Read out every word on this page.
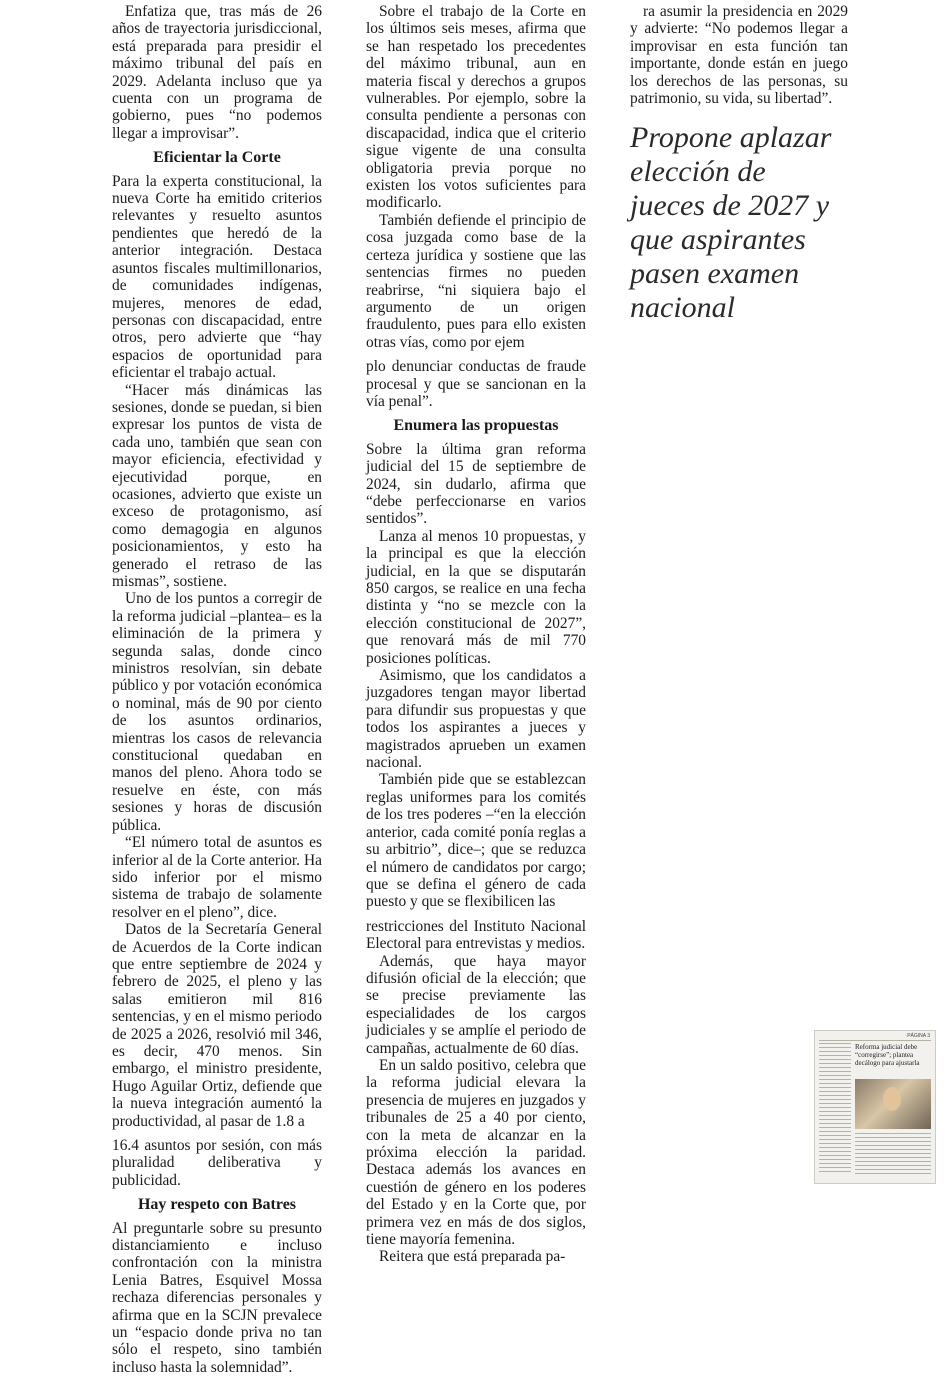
Enfatiza que, tras más de 26 años de trayectoria jurisdiccional, está preparada para presidir el máximo tribunal del país en 2029. Adelanta incluso que ya cuenta con un programa de gobierno, pues “no podemos llegar a improvisar”.

Eficientar la Corte

Para la experta constitucional, la nueva Corte ha emitido criterios relevantes y resuelto asuntos pendientes que heredó de la anterior integración. Destaca asuntos fiscales multimillonarios, de comunidades indígenas, mujeres, menores de edad, personas con discapacidad, entre otros, pero advierte que “hay espacios de oportunidad para eficientar el trabajo actual.

“Hacer más dinámicas las sesiones, donde se puedan, si bien expresar los puntos de vista de cada uno, también que sean con mayor eficiencia, efectividad y ejecutividad porque, en ocasiones, advierto que existe un exceso de protagonismo, así como demagogia en algunos posicionamientos, y esto ha generado el retraso de las mismas”, sostiene.

Uno de los puntos a corregir de la reforma judicial –plantea– es la eliminación de la primera y segunda salas, donde cinco ministros resolvían, sin debate público y por votación económica o nominal, más de 90 por ciento de los asuntos ordinarios, mientras los casos de relevancia constitucional quedaban en manos del pleno. Ahora todo se resuelve en éste, con más sesiones y horas de discusión pública.

“El número total de asuntos es inferior al de la Corte anterior. Ha sido inferior por el mismo sistema de trabajo de solamente resolver en el pleno”, dice.

Datos de la Secretaría General de Acuerdos de la Corte indican que entre septiembre de 2024 y febrero de 2025, el pleno y las salas emitieron mil 816 sentencias, y en el mismo periodo de 2025 a 2026, resolvió mil 346, es decir, 470 menos. Sin embargo, el ministro presidente, Hugo Aguilar Ortiz, defiende que la nueva integración aumentó la productividad, al pasar de 1.8 a

16.4 asuntos por sesión, con más pluralidad deliberativa y publicidad.

Hay respeto con Batres

Al preguntarle sobre su presunto distanciamiento e incluso confrontación con la ministra Lenia Batres, Esquivel Mossa rechaza diferencias personales y afirma que en la SCJN prevalece un “espacio donde priva no tan sólo el respeto, sino también incluso hasta la solemnidad”.

Sobre el trabajo de la Corte en los últimos seis meses, afirma que se han respetado los precedentes del máximo tribunal, aun en materia fiscal y derechos a grupos vulnerables. Por ejemplo, sobre la consulta pendiente a personas con discapacidad, indica que el criterio sigue vigente de una consulta obligatoria previa porque no existen los votos suficientes para modificarlo.

También defiende el principio de cosa juzgada como base de la certeza jurídica y sostiene que las sentencias firmes no pueden reabrirse, “ni siquiera bajo el argumento de un origen fraudulento, pues para ello existen otras vías, como por ejem

plo denunciar conductas de fraude procesal y que se sancionan en la vía penal”.

Enumera las propuestas

Sobre la última gran reforma judicial del 15 de septiembre de 2024, sin dudarlo, afirma que “debe perfeccionarse en varios sentidos”.

Lanza al menos 10 propuestas, y la principal es que la elección judicial, en la que se disputarán 850 cargos, se realice en una fecha distinta y “no se mezcle con la elección constitucional de 2027”, que renovará más de mil 770 posiciones políticas.

Asimismo, que los candidatos a juzgadores tengan mayor libertad para difundir sus propuestas y que todos los aspirantes a jueces y magistrados aprueben un examen nacional.

También pide que se establezcan reglas uniformes para los comités de los tres poderes –“en la elección anterior, cada comité ponía reglas a su arbitrio”, dice–; que se reduzca el número de candidatos por cargo; que se defina el género de cada puesto y que se flexibilicen las

restricciones del Instituto Nacional Electoral para entrevistas y medios.

Además, que haya mayor difusión oficial de la elección; que se precise previamente las especialidades de los cargos judiciales y se amplíe el periodo de campañas, actualmente de 60 días.

En un saldo positivo, celebra que la reforma judicial elevara la presencia de mujeres en juzgados y tribunales de 25 a 40 por ciento, con la meta de alcanzar en la próxima elección la paridad. Destaca además los avances en cuestión de género en los poderes del Estado y en la Corte que, por primera vez en más de dos siglos, tiene mayoría femenina.

Reitera que está preparada pa-

ra asumir la presidencia en 2029 y advierte: “No podemos llegar a improvisar en esta función tan importante, donde están en juego los derechos de las personas, su patrimonio, su vida, su libertad”.

Propone aplazar elección de jueces de 2027 y que aspirantes pasen examen nacional

PÁGINA 3
Reforma judicial debe “corregirse”; plantea decálogo para ajustarla
